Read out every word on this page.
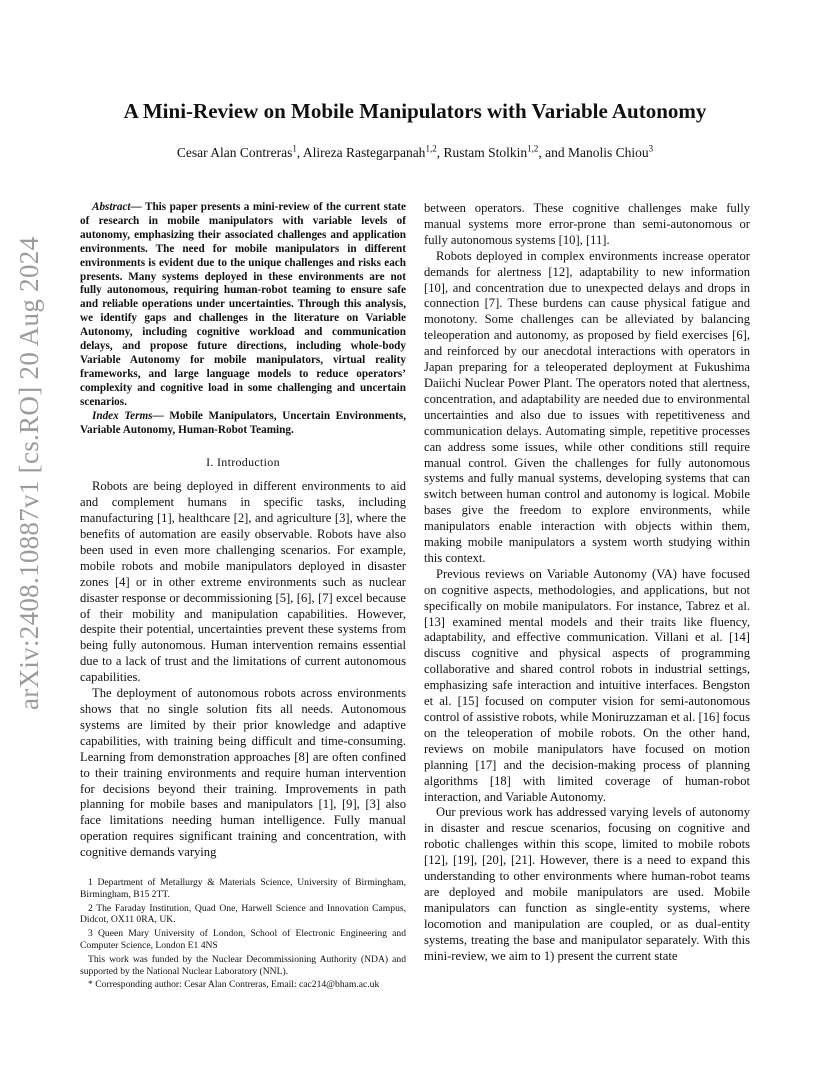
arXiv:2408.10887v1 [cs.RO] 20 Aug 2024
A Mini-Review on Mobile Manipulators with Variable Autonomy
Cesar Alan Contreras$^1$, Alireza Rastegarpanah$^{1,2}$, Rustam Stolkin$^{1,2}$, and Manolis Chiou$^3$

Abstract— This paper presents a mini-review of the current state of research in mobile manipulators with variable levels of autonomy, emphasizing their associated challenges and application environments. The need for mobile manipulators in different environments is evident due to the unique challenges and risks each presents. Many systems deployed in these environments are not fully autonomous, requiring human-robot teaming to ensure safe and reliable operations under uncertainties. Through this analysis, we identify gaps and challenges in the literature on Variable Autonomy, including cognitive workload and communication delays, and propose future directions, including whole-body Variable Autonomy for mobile manipulators, virtual reality frameworks, and large language models to reduce operators’ complexity and cognitive load in some challenging and uncertain scenarios.

Index Terms— Mobile Manipulators, Uncertain Environments, Variable Autonomy, Human-Robot Teaming.

I. Introduction

Robots are being deployed in different environments to aid and complement humans in specific tasks, including manufacturing [1], healthcare [2], and agriculture [3], where the benefits of automation are easily observable. Robots have also been used in even more challenging scenarios. For example, mobile robots and mobile manipulators deployed in disaster zones [4] or in other extreme environments such as nuclear disaster response or decommissioning [5], [6], [7] excel because of their mobility and manipulation capabilities. However, despite their potential, uncertainties prevent these systems from being fully autonomous. Human intervention remains essential due to a lack of trust and the limitations of current autonomous capabilities.

The deployment of autonomous robots across environments shows that no single solution fits all needs. Autonomous systems are limited by their prior knowledge and adaptive capabilities, with training being difficult and time-consuming. Learning from demonstration approaches [8] are often confined to their training environments and require human intervention for decisions beyond their training. Improvements in path planning for mobile bases and manipulators [1], [9], [3] also face limitations needing human intelligence. Fully manual operation requires significant training and concentration, with cognitive demands varying

1 Department of Metallurgy & Materials Science, University of Birmingham, Birmingham, B15 2TT.

2 The Faraday Institution, Quad One, Harwell Science and Innovation Campus, Didcot, OX11 0RA, UK.

3 Queen Mary University of London, School of Electronic Engineering and Computer Science, London E1 4NS

This work was funded by the Nuclear Decommissioning Authority (NDA) and supported by the National Nuclear Laboratory (NNL).

* Corresponding author: Cesar Alan Contreras, Email: cac214@bham.ac.uk

between operators. These cognitive challenges make fully manual systems more error-prone than semi-autonomous or fully autonomous systems [10], [11].

Robots deployed in complex environments increase operator demands for alertness [12], adaptability to new information [10], and concentration due to unexpected delays and drops in connection [7]. These burdens can cause physical fatigue and monotony. Some challenges can be alleviated by balancing teleoperation and autonomy, as proposed by field exercises [6], and reinforced by our anecdotal interactions with operators in Japan preparing for a teleoperated deployment at Fukushima Daiichi Nuclear Power Plant. The operators noted that alertness, concentration, and adaptability are needed due to environmental uncertainties and also due to issues with repetitiveness and communication delays. Automating simple, repetitive processes can address some issues, while other conditions still require manual control. Given the challenges for fully autonomous systems and fully manual systems, developing systems that can switch between human control and autonomy is logical. Mobile bases give the freedom to explore environments, while manipulators enable interaction with objects within them, making mobile manipulators a system worth studying within this context.

Previous reviews on Variable Autonomy (VA) have focused on cognitive aspects, methodologies, and applications, but not specifically on mobile manipulators. For instance, Tabrez et al. [13] examined mental models and their traits like fluency, adaptability, and effective communication. Villani et al. [14] discuss cognitive and physical aspects of programming collaborative and shared control robots in industrial settings, emphasizing safe interaction and intuitive interfaces. Bengston et al. [15] focused on computer vision for semi-autonomous control of assistive robots, while Moniruzzaman et al. [16] focus on the teleoperation of mobile robots. On the other hand, reviews on mobile manipulators have focused on motion planning [17] and the decision-making process of planning algorithms [18] with limited coverage of human-robot interaction, and Variable Autonomy.

Our previous work has addressed varying levels of autonomy in disaster and rescue scenarios, focusing on cognitive and robotic challenges within this scope, limited to mobile robots [12], [19], [20], [21]. However, there is a need to expand this understanding to other environments where human-robot teams are deployed and mobile manipulators are used. Mobile manipulators can function as single-entity systems, where locomotion and manipulation are coupled, or as dual-entity systems, treating the base and manipulator separately. With this mini-review, we aim to 1) present the current state
